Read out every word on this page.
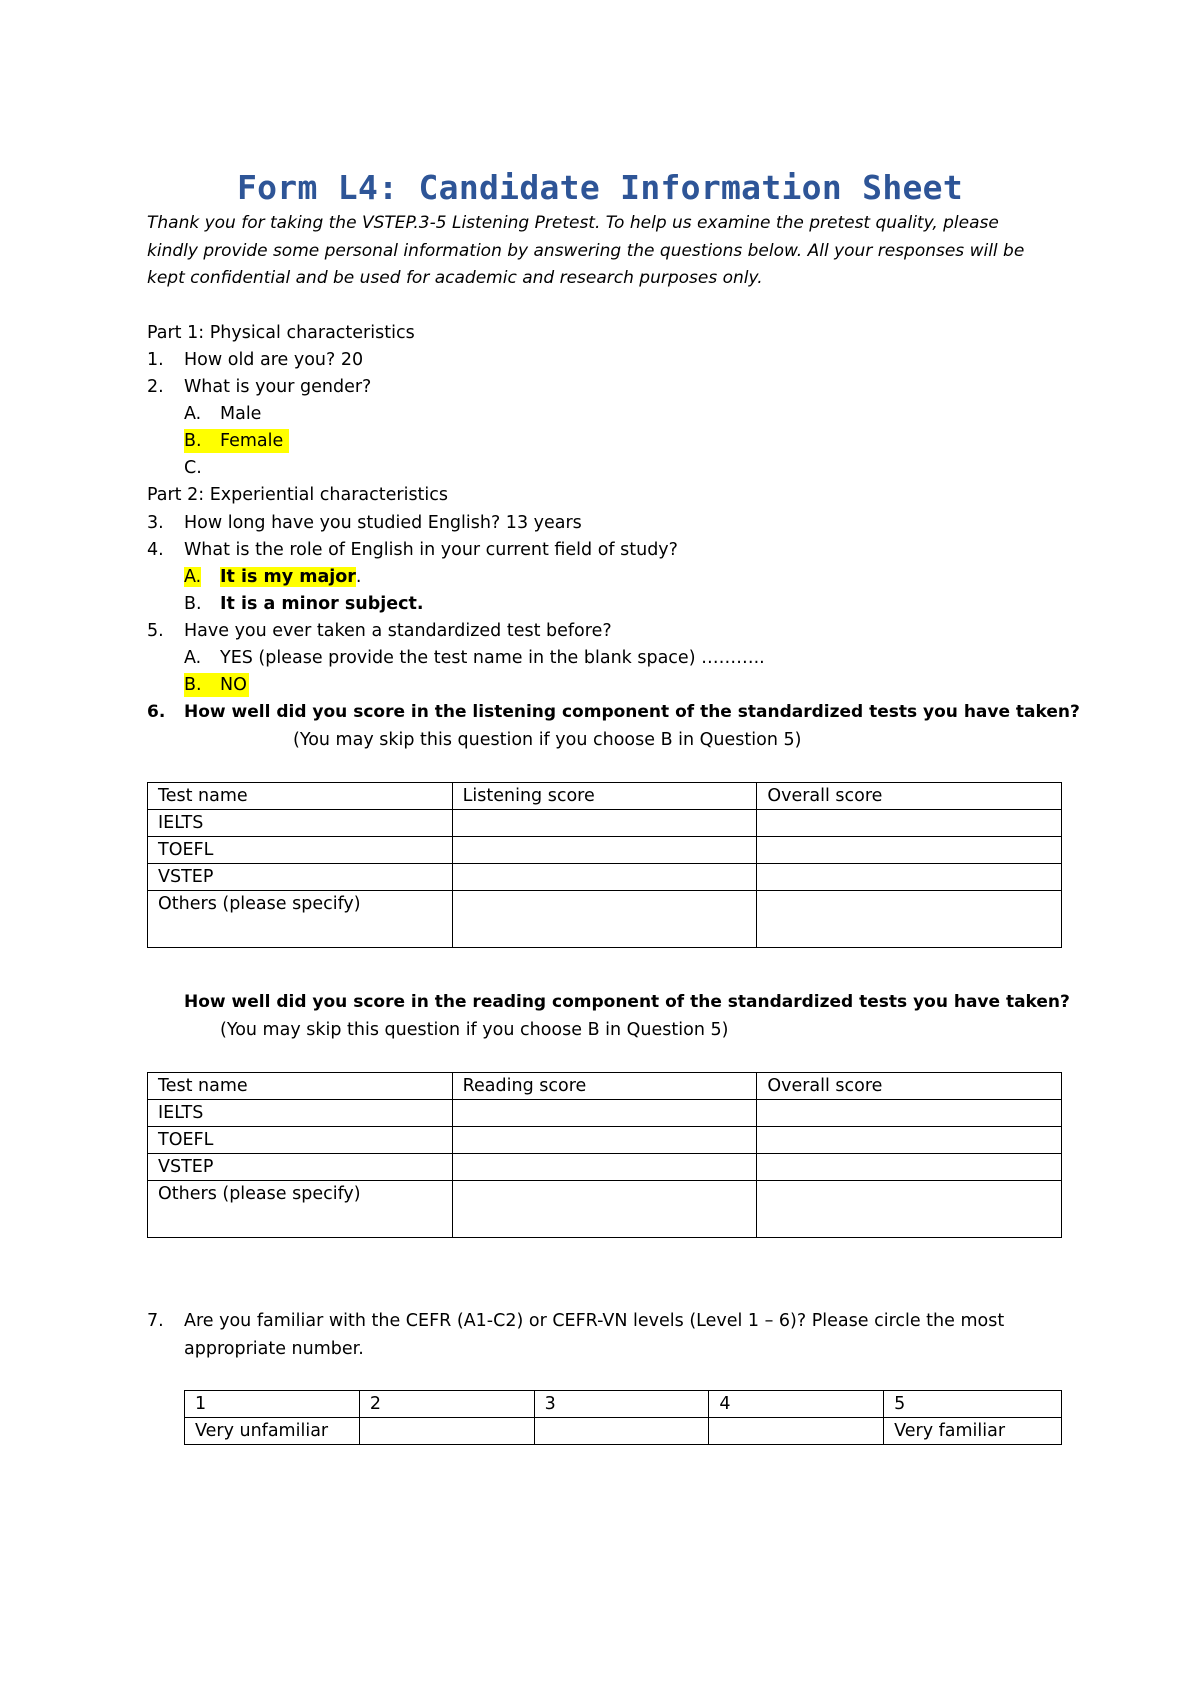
Form L4: Candidate Information Sheet
Thank you for taking the VSTEP.3-5 Listening Pretest. To help us examine the pretest quality, please kindly provide some personal information by answering the questions below. All your responses will be kept confidential and be used for academic and research purposes only.
Part 1: Physical characteristics
1. How old are you? 20
2. What is your gender?
A. Male
B. Female
C.
Part 2: Experiential characteristics
3. How long have you studied English? 13 years
4. What is the role of English in your current field of study?
A. It is my major.
B. It is a minor subject.
5. Have you ever taken a standardized test before?
A. YES (please provide the test name in the blank space) ………..
B. NO
6. How well did you score in the listening component of the standardized tests you have taken?
(You may skip this question if you choose B in Question 5)
Test name	Listening score	Overall score
IELTS		
TOEFL		
VSTEP		
Others (please specify)		
How well did you score in the reading component of the standardized tests you have taken?
(You may skip this question if you choose B in Question 5)
Test name	Reading score	Overall score
IELTS		
TOEFL		
VSTEP		
Others (please specify)		
7. Are you familiar with the CEFR (A1-C2) or CEFR-VN levels (Level 1 – 6)? Please circle the most
appropriate number.
1	2	3	4	5
Very unfamiliar				Very familiar
